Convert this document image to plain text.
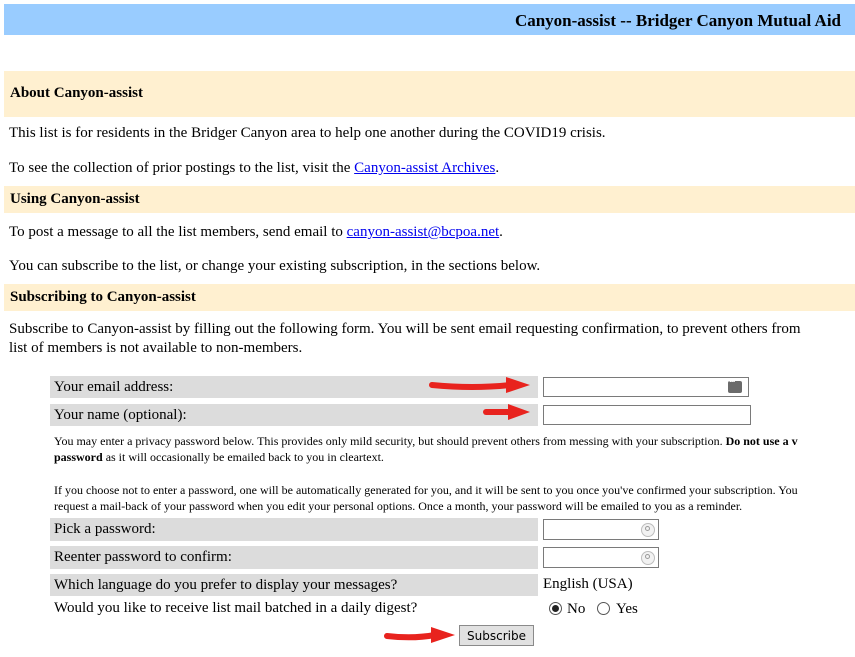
Canyon-assist -- Bridger Canyon Mutual Aid
About Canyon-assist
This list is for residents in the Bridger Canyon area to help one another during the COVID19 crisis.
To see the collection of prior postings to the list, visit the Canyon-assist Archives.
Using Canyon-assist
To post a message to all the list members, send email to canyon-assist@bcpoa.net.
You can subscribe to the list, or change your existing subscription, in the sections below.
Subscribing to Canyon-assist
Subscribe to Canyon-assist by filling out the following form. You will be sent email requesting confirmation, to prevent others from
list of members is not available to non-members.
Your email address:
•••
Your name (optional):
You may enter a privacy password below. This provides only mild security, but should prevent others from messing with your subscription. Do not use a v
password as it will occasionally be emailed back to you in cleartext.
If you choose not to enter a password, one will be automatically generated for you, and it will be sent to you once you've confirmed your subscription. You
request a mail-back of your password when you edit your personal options. Once a month, your password will be emailed to you as a reminder.
Pick a password:
Reenter password to confirm:
Which language do you prefer to display your messages?	English (USA)
Would you like to receive list mail batched in a daily digest?	No Yes
Subscribe
